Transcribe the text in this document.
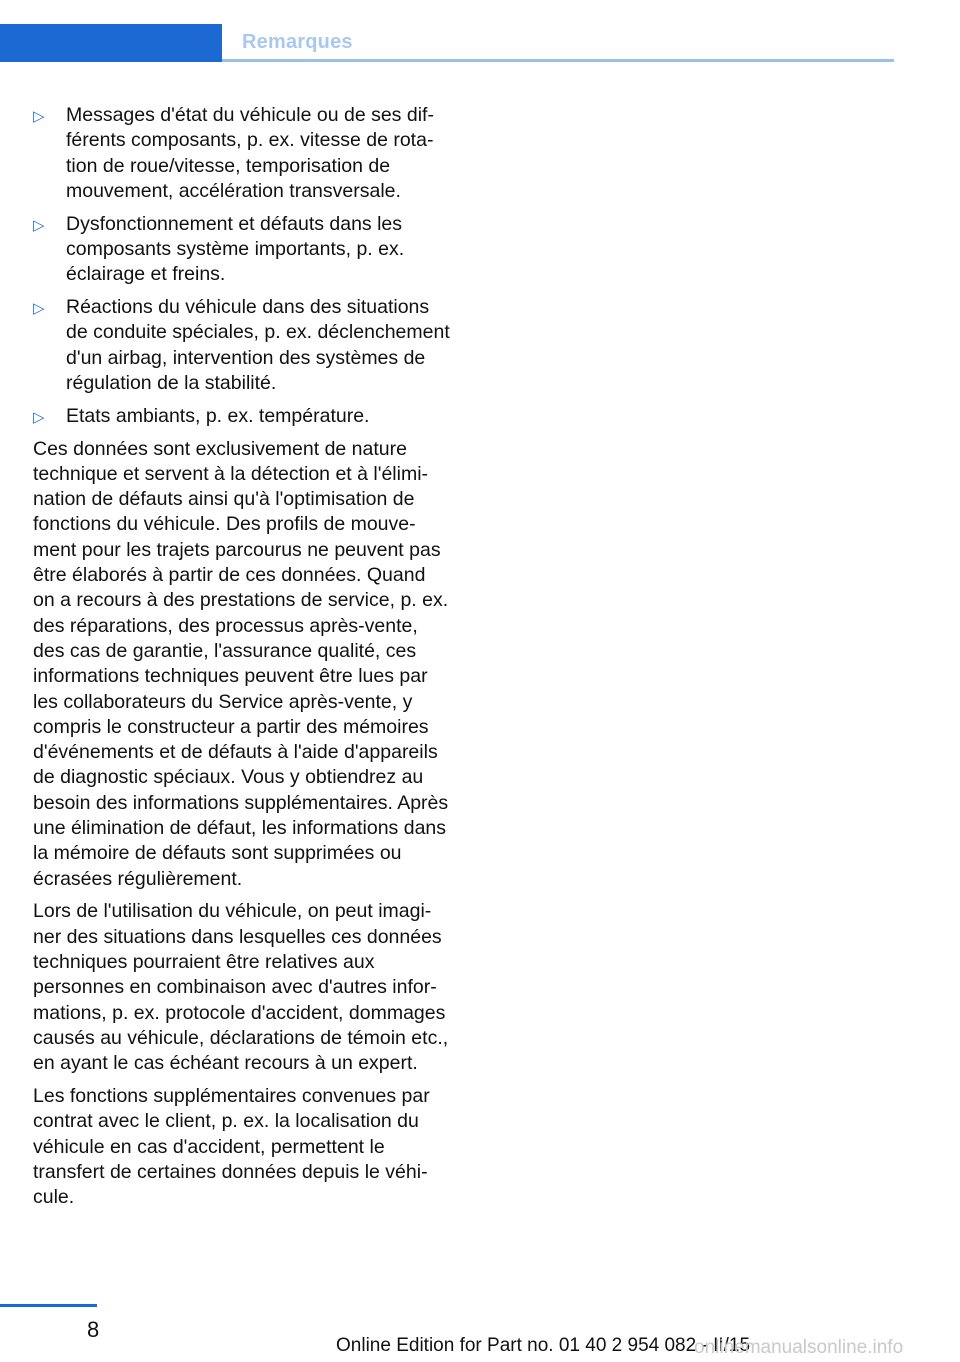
Remarques
▷ Messages d'état du véhicule ou de ses différents composants, p. ex. vitesse de rotation de roue/vitesse, temporisation de mouvement, accélération transversale.
▷ Dysfonctionnement et défauts dans les composants système importants, p. ex. éclairage et freins.
▷ Réactions du véhicule dans des situations de conduite spéciales, p. ex. déclenchement d'un airbag, intervention des systèmes de régulation de la stabilité.
▷ Etats ambiants, p. ex. température.

Ces données sont exclusivement de nature technique et servent à la détection et à l'élimination de défauts ainsi qu'à l'optimisation de fonctions du véhicule. Des profils de mouvement pour les trajets parcourus ne peuvent pas être élaborés à partir de ces données. Quand on a recours à des prestations de service, p. ex. des réparations, des processus après-vente, des cas de garantie, l'assurance qualité, ces informations techniques peuvent être lues par les collaborateurs du Service après-vente, y compris le constructeur a partir des mémoires d'événements et de défauts à l'aide d'appareils de diagnostic spéciaux. Vous y obtiendrez au besoin des informations supplémentaires. Après une élimination de défaut, les informations dans la mémoire de défauts sont supprimées ou écrasées régulièrement.

Lors de l'utilisation du véhicule, on peut imaginer des situations dans lesquelles ces données techniques pourraient être relatives aux personnes en combinaison avec d'autres informations, p. ex. protocole d'accident, dommages causés au véhicule, déclarations de témoin etc., en ayant le cas échéant recours à un expert.

Les fonctions supplémentaires convenues par contrat avec le client, p. ex. la localisation du véhicule en cas d'accident, permettent le transfert de certaines données depuis le véhicule.

8
Online Edition for Part no. 01 40 2 954 082 - II/15
onlinemanualsonline.info
